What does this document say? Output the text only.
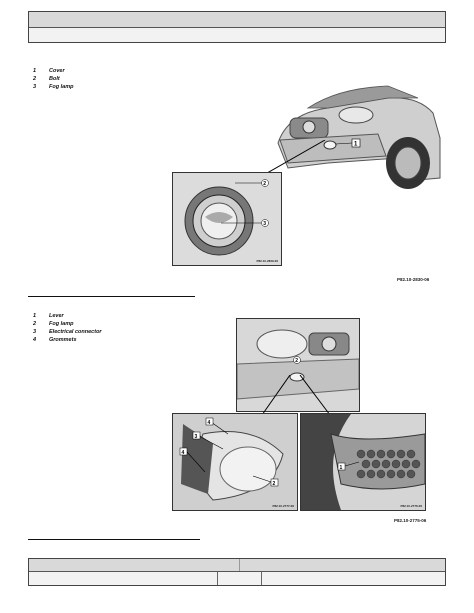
1 Cover
2 Bolt
3 Fog lamp
1
2
3
P82.10-2829-06
P82.10-2830-06
1 Lever
2 Fog lamp
3 Electrical connector
4 Grommets
2
4
3
4
2
P82.10-2777-06
1
P82.10-2776-06
P82.10-2775-06
